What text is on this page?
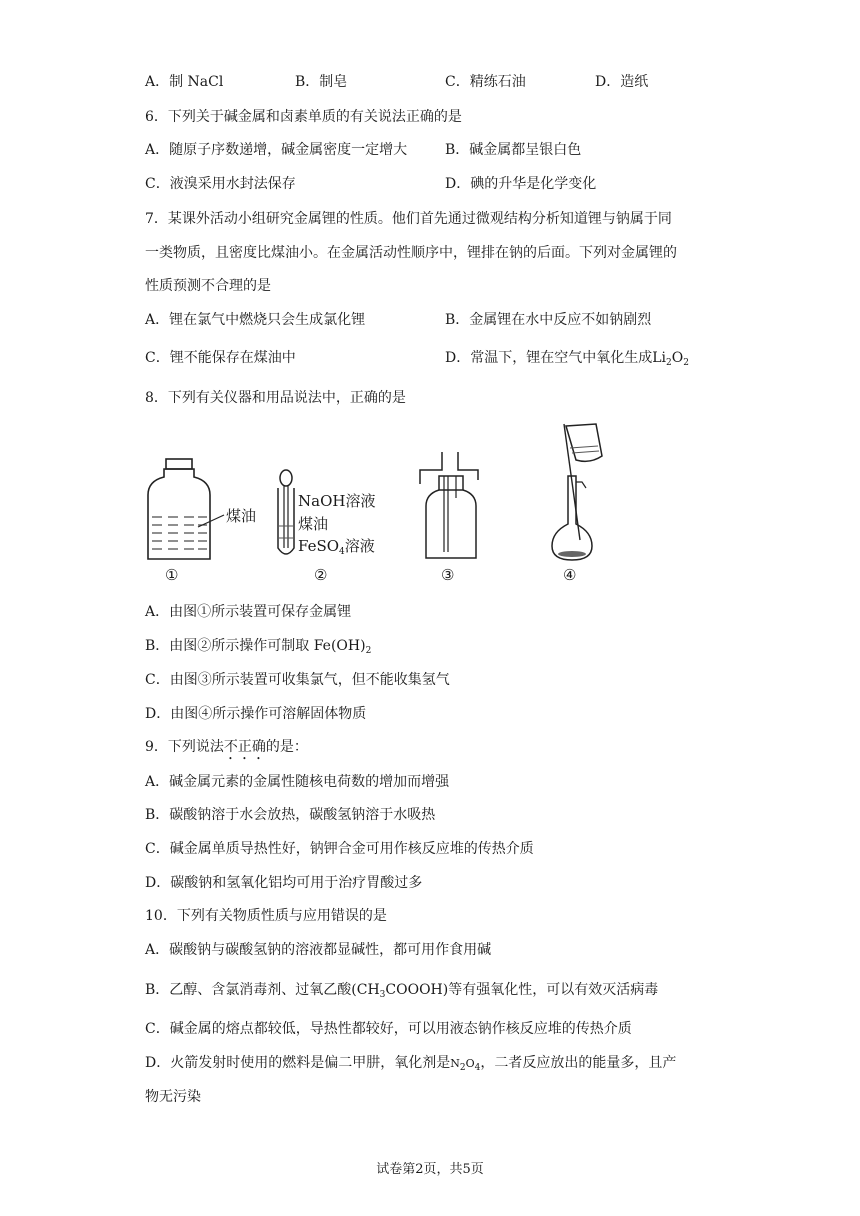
A．制 NaCl	B．制皂	C．精练石油	D．造纸
6．下列关于碱金属和卤素单质的有关说法正确的是
A．随原子序数递增，碱金属密度一定增大	B．碱金属都呈银白色
C．液溴采用水封法保存	D．碘的升华是化学变化
7．某课外活动小组研究金属锂的性质。他们首先通过微观结构分析知道锂与钠属于同
一类物质，且密度比煤油小。在金属活动性顺序中，锂排在钠的后面。下列对金属锂的
性质预测不合理的是
A．锂在氯气中燃烧只会生成氯化锂	B．金属锂在水中反应不如钠剧烈
C．锂不能保存在煤油中	D．常温下，锂在空气中氧化生成$Li_2O_2$
8．下列有关仪器和用品说法中，正确的是
煤油
①
NaOH溶液
煤油
FeSO$_4$溶液
②	③	④
A．由图①所示装置可保存金属锂
B．由图②所示操作可制取 $Fe(OH)_2$
C．由图③所示装置可收集氯气，但不能收集氢气
D．由图④所示操作可溶解固体物质
9．下列说法不正确的是：
A．碱金属元素的金属性随核电荷数的增加而增强
B．碳酸钠溶于水会放热，碳酸氢钠溶于水吸热
C．碱金属单质导热性好，钠钾合金可用作核反应堆的传热介质
D．碳酸钠和氢氧化铝均可用于治疗胃酸过多
10．下列有关物质性质与应用错误的是
A．碳酸钠与碳酸氢钠的溶液都显碱性，都可用作食用碱
B．乙醇、含氯消毒剂、过氧乙酸$(CH_3COOOH)$等有强氧化性，可以有效灭活病毒
C．碱金属的熔点都较低，导热性都较好，可以用液态钠作核反应堆的传热介质
D．火箭发射时使用的燃料是偏二甲肼，氧化剂是$N_2O_4$，二者反应放出的能量多，且产
物无污染
试卷第2页，共5页
